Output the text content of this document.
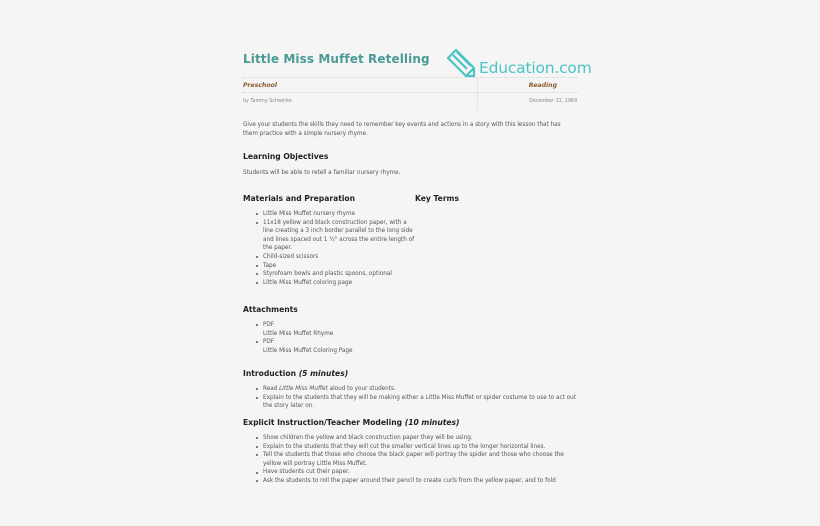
Little Miss Muffet Retelling	Education.com
Preschool	Reading
by Tammy Schwinke	December 31, 1969
Give your students the skills they need to remember key events and actions in a story with this lesson that has them practice with a simple nursery rhyme.
Learning Objectives
Students will be able to retell a familiar nursery rhyme.
Materials and Preparation	Key Terms
Little Miss Muffet nursery rhyme
11x18 yellow and black construction paper, with a line creating a 3 inch border parallel to the long side and lines spaced out 1 ½" across the entire length of the paper.
Child-sized scissors
Tape
Styrofoam bowls and plastic spoons, optional
Little Miss Muffet coloring page
Attachments
PDF
Little Miss Muffet Rhyme
PDF
Little Miss Muffet Coloring Page
Introduction (5 minutes)
Read Little Miss Muffet aloud to your students.
Explain to the students that they will be making either a Little Miss Muffet or spider costume to use to act out the story later on.
Explicit Instruction/Teacher Modeling (10 minutes)
Show children the yellow and black construction paper they will be using.
Explain to the students that they will cut the smaller vertical lines up to the longer horizontal lines.
Tell the students that those who choose the black paper will portray the spider and those who choose the yellow will portray Little Miss Muffet.
Have students cut their paper.
Ask the students to roll the paper around their pencil to create curls from the yellow paper, and to fold
